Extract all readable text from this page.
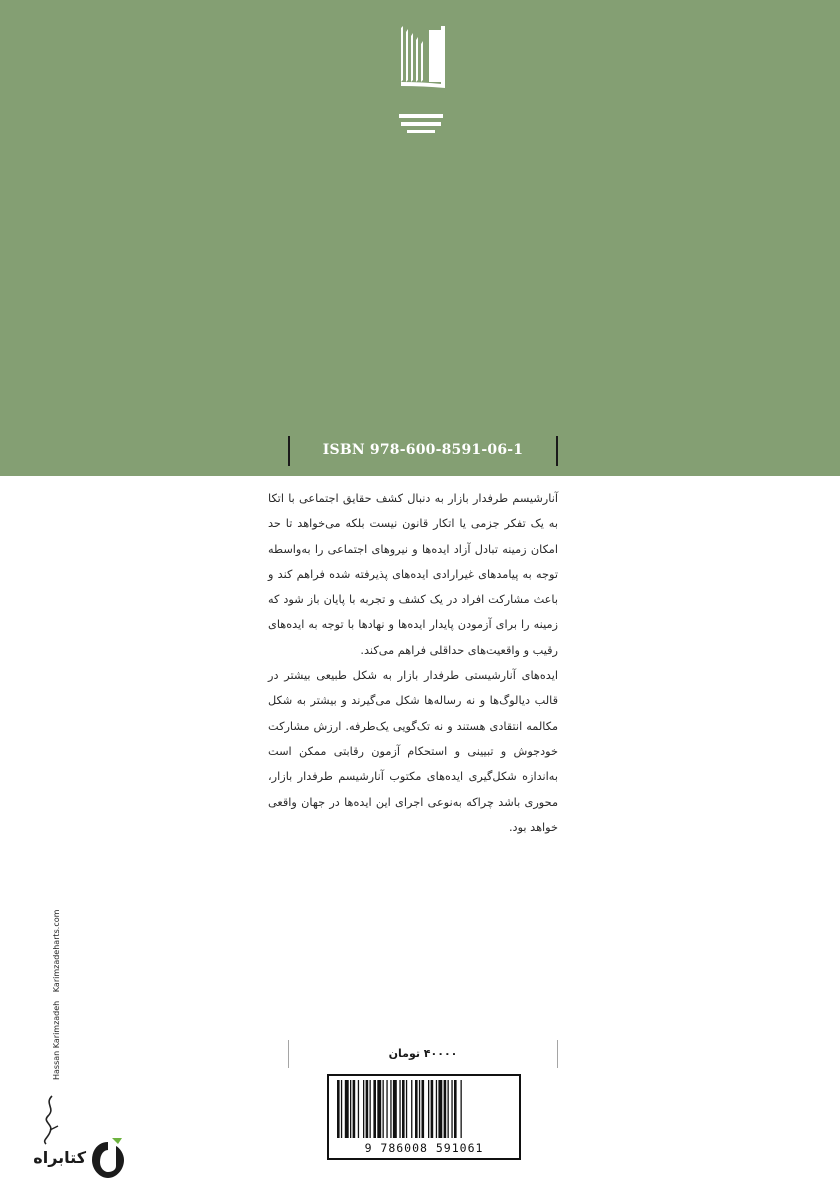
ISBN 978-600-8591-06-1

آنارشیسم طرفدار بازار به دنبال کشف حقایق اجتماعی با اتکا به یک تفکر جزمی یا اتکار قانون نیست بلکه می‌خواهد تا حد امکان زمینه تبادل آزاد ایده‌ها و نیروهای اجتماعی را به‌واسطه توجه به پیامدهای غیرارادی ایده‌های پذیرفته شده فراهم کند و باعث مشارکت افراد در یک کشف و تجربه با پایان باز شود که زمینه را برای آزمودن پایدار ایده‌ها و نهادها با توجه به ایده‌های رقیب و واقعیت‌های حداقلی فراهم می‌کند.

ایده‌های آنارشیستی طرفدار بازار به شکل طبیعی بیشتر در قالب دیالوگ‌ها و نه رساله‌ها شکل می‌گیرند و بیشتر به شکل مکالمه انتقادی هستند و نه تک‌گویی یک‌طرفه. ارزش مشارکت خودجوش و تبیینی و استحکام آزمون رقابتی ممکن است به‌اندازه شکل‌گیری ایده‌های مکتوب آنارشیسم طرفدار بازار، محوری باشد چراکه به‌نوعی اجرای این ایده‌ها در جهان واقعی خواهد بود.

۴۰۰۰۰ تومان
9 786008 591061
Hassan Karimzadeh Karimzadeharts.com
کتابراه
